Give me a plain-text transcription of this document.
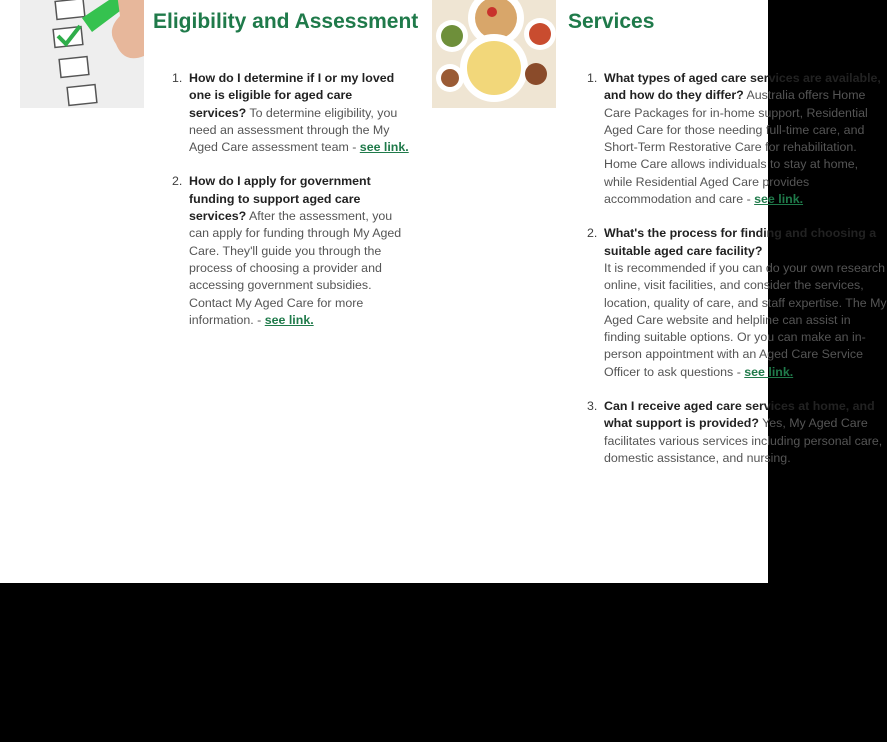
Eligibility and Assessment	Services
1. How do I determine if I or my loved one is eligible for aged care services? To determine eligibility, you need an assessment through the My Aged Care assessment team - see link.
2. How do I apply for government funding to support aged care services? After the assessment, you can apply for funding through My Aged Care. They'll guide you through the process of choosing a provider and accessing government subsidies. Contact My Aged Care for more information. - see link.
1. What types of aged care services are available, and how do they differ? Australia offers Home Care Packages for in-home support, Residential Aged Care for those needing full-time care, and Short-Term Restorative Care for rehabilitation. Home Care allows individuals to stay at home, while Residential Aged Care provides accommodation and care - see link.
2. What's the process for finding and choosing a suitable aged care facility?
It is recommended if you can do your own research online, visit facilities, and consider the services, location, quality of care, and staff expertise. The My Aged Care website and helpline can assist in finding suitable options. Or you can make an in-person appointment with an Aged Care Service Officer to ask questions - see link.
3. Can I receive aged care services at home, and what support is provided? Yes, My Aged Care facilitates various services including personal care, domestic assistance, and nursing.
